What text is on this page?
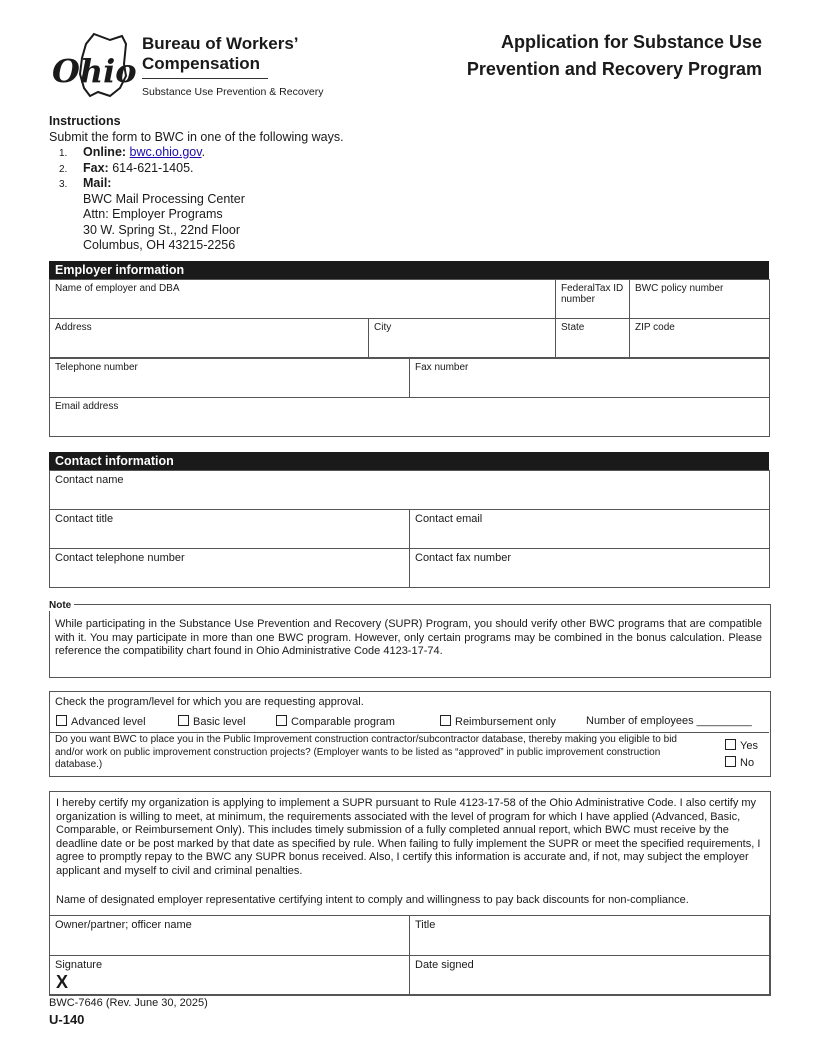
Ohio
Bureau of Workers’
Compensation
Substance Use Prevention & Recovery
Application for Substance Use
Prevention and Recovery Program
Instructions
Submit the form to BWC in one of the following ways.
1. Online: bwc.ohio.gov.
2. Fax: 614-621-1405.
3. Mail:
BWC Mail Processing Center
Attn: Employer Programs
30 W. Spring St., 22nd Floor
Columbus, OH 43215-2256
Employer information
Name of employer and DBA		FederalTax ID number	BWC policy number
Address	City	State	ZIP code
Telephone number	Fax number
Email address
Contact information
Contact name	
Contact title	Contact email
Contact telephone number	Contact fax number
Note
While participating in the Substance Use Prevention and Recovery (SUPR) Program, you should verify other BWC programs that are compatible with it. You may participate in more than one BWC program. However, only certain programs may be combined in the bonus calculation. Please reference the compatibility chart found in Ohio Administrative Code 4123-17-74.
Check the program/level for which you are requesting approval.
Advanced level	Basic level	Comparable program	Reimbursement only	Number of employees _________
Do you want BWC to place you in the Public Improvement construction contractor/subcontractor database, thereby making you eligible to bid and/or work on public improvement construction projects? (Employer wants to be listed as “approved” in public improvement construction database.)
Yes
No
I hereby certify my organization is applying to implement a SUPR pursuant to Rule 4123-17-58 of the Ohio Administrative Code. I also certify my organization is willing to meet, at minimum, the requirements associated with the level of program for which I have applied (Advanced, Basic, Comparable, or Reimbursement Only). This includes timely submission of a fully completed annual report, which BWC must receive by the deadline date or be post marked by that date as specified by rule. When failing to fully implement the SUPR or meet the specified requirements, I agree to promptly repay to the BWC any SUPR bonus received. Also, I certify this information is accurate and, if not, may subject the employer applicant and myself to civil and criminal penalties.
Name of designated employer representative certifying intent to comply and willingness to pay back discounts for non-compliance.
Owner/partner; officer name	Title
Signature	Date signed
X
BWC-7646 (Rev. June 30, 2025)
U-140
